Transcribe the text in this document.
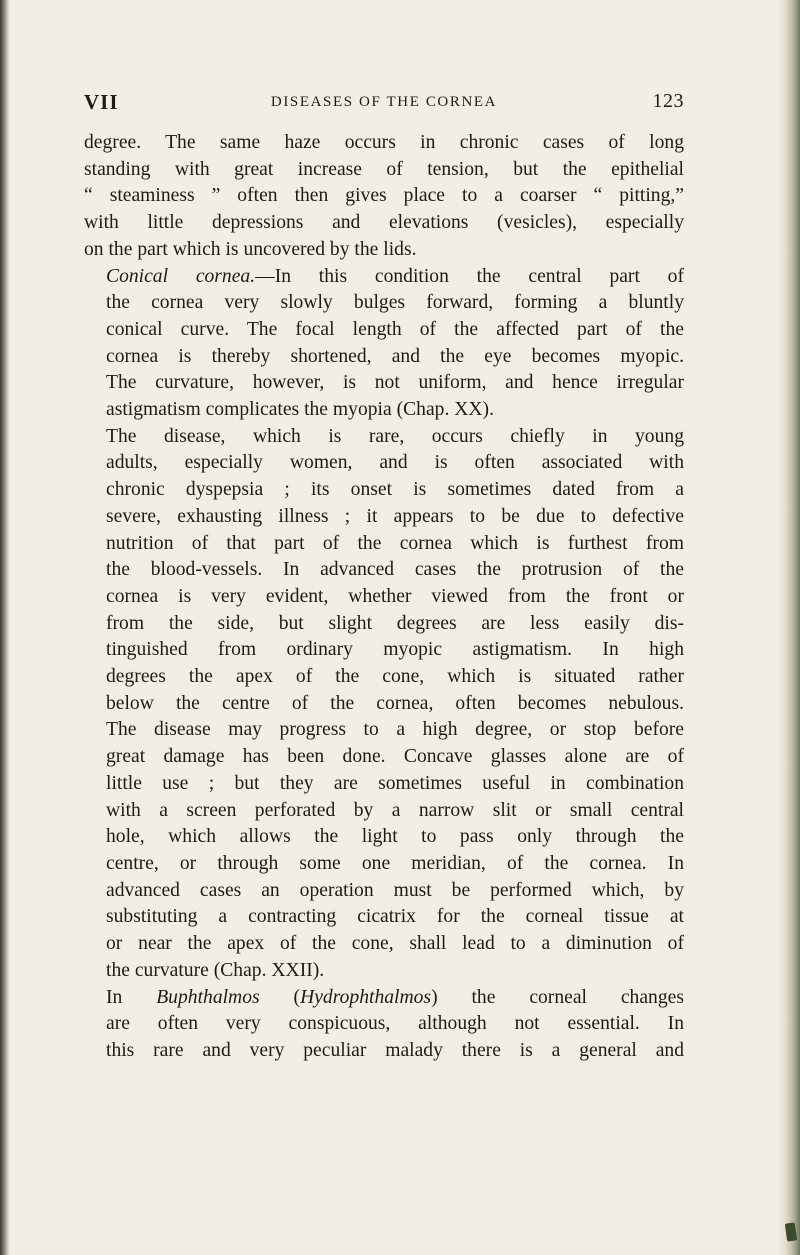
VII	DISEASES OF THE CORNEA	123

degree. The same haze occurs in chronic cases of long
standing with great increase of tension, but the epithelial
“ steaminess ” often then gives place to a coarser “ pitting,”
with little depressions and elevations (vesicles), especially
on the part which is uncovered by the lids.

Conical cornea.—In this condition the central part of
the cornea very slowly bulges forward, forming a bluntly
conical curve. The focal length of the affected part of the
cornea is thereby shortened, and the eye becomes myopic.
The curvature, however, is not uniform, and hence irregular
astigmatism complicates the myopia (Chap. XX).

The disease, which is rare, occurs chiefly in young
adults, especially women, and is often associated with
chronic dyspepsia ; its onset is sometimes dated from a
severe, exhausting illness ; it appears to be due to defective
nutrition of that part of the cornea which is furthest from
the blood-vessels. In advanced cases the protrusion of the
cornea is very evident, whether viewed from the front or
from the side, but slight degrees are less easily dis-
tinguished from ordinary myopic astigmatism. In high
degrees the apex of the cone, which is situated rather
below the centre of the cornea, often becomes nebulous.
The disease may progress to a high degree, or stop before
great damage has been done. Concave glasses alone are of
little use ; but they are sometimes useful in combination
with a screen perforated by a narrow slit or small central
hole, which allows the light to pass only through the
centre, or through some one meridian, of the cornea. In
advanced cases an operation must be performed which, by
substituting a contracting cicatrix for the corneal tissue at
or near the apex of the cone, shall lead to a diminution of
the curvature (Chap. XXII).

In Buphthalmos (Hydrophthalmos) the corneal changes
are often very conspicuous, although not essential. In
this rare and very peculiar malady there is a general and
